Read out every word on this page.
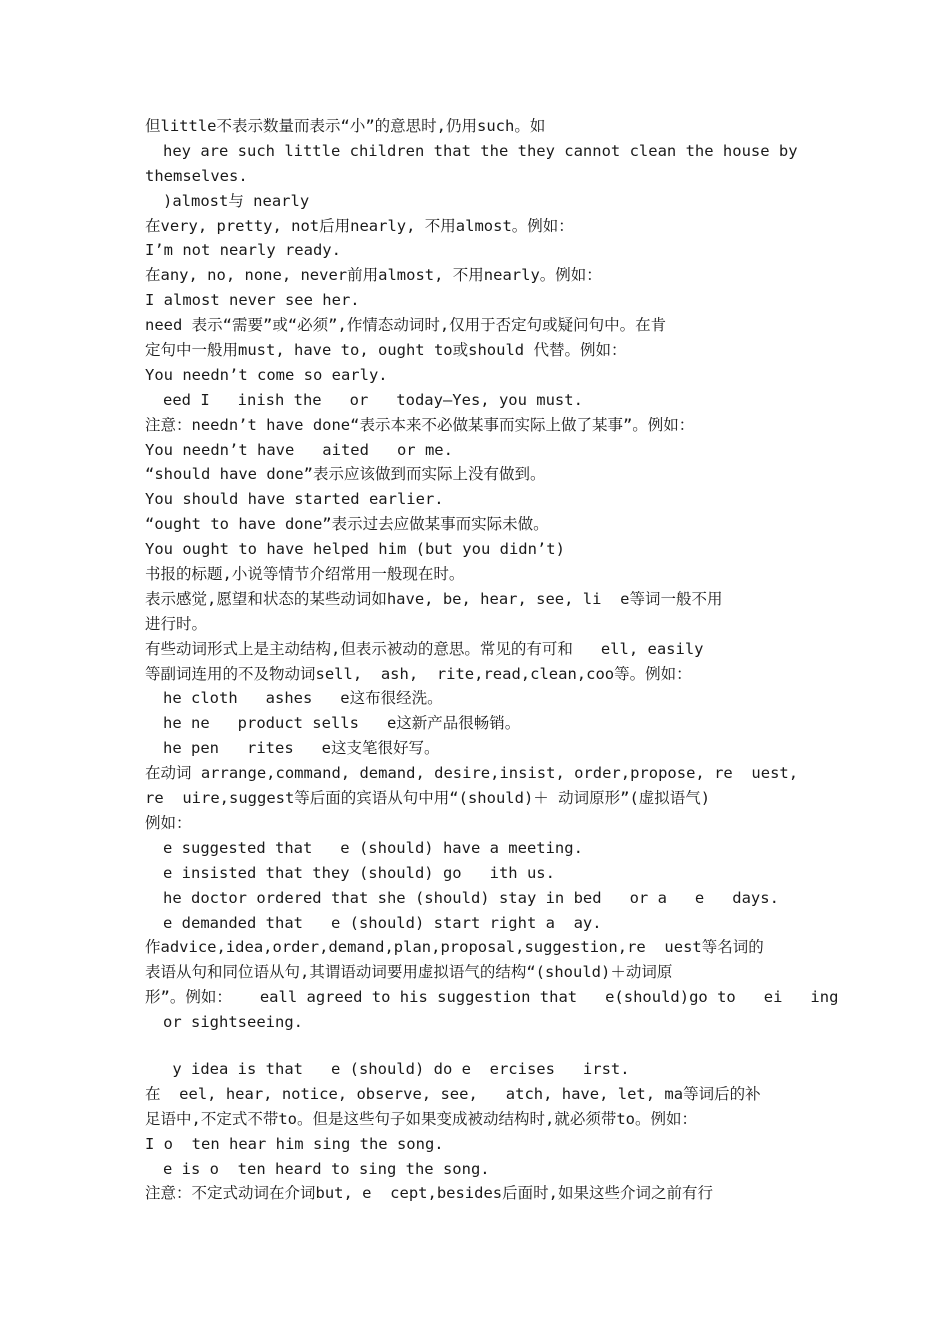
但little不表示数量而表示“小”的意思时,仍用such。如
hey are such little children that the they cannot clean the house by
themselves.
)almost与 nearly
在very, pretty, not后用nearly, 不用almost。例如：
I’m not nearly ready.
在any, no, none, never前用almost, 不用nearly。例如：
I almost never see her.
need 表示“需要”或“必须”,作情态动词时,仅用于否定句或疑问句中。在肯
定句中一般用must, have to, ought to或should 代替。例如：
You needn’t come so early.
eed I   inish the   or   today—Yes, you must.
注意：needn’t have done“表示本来不必做某事而实际上做了某事”。例如：
You needn’t have   aited   or me.
“should have done”表示应该做到而实际上没有做到。
You should have started earlier.
“ought to have done”表示过去应做某事而实际未做。
You ought to have helped him (but you didn’t)
书报的标题,小说等情节介绍常用一般现在时。
表示感觉,愿望和状态的某些动词如have, be, hear, see, li  e等词一般不用
进行时。
有些动词形式上是主动结构,但表示被动的意思。常见的有可和   ell, easily
等副词连用的不及物动词sell,  ash,  rite,read,clean,coo等。例如：
he cloth   ashes   e这布很经洗。
he ne   product sells   e这新产品很畅销。
he pen   rites   e这支笔很好写。
在动词 arrange,command, demand, desire,insist, order,propose, re  uest,
re  uire,suggest等后面的宾语从句中用“(should)＋ 动词原形”(虚拟语气)
例如：
e suggested that   e (should) have a meeting.
e insisted that they (should) go   ith us.
he doctor ordered that she (should) stay in bed   or a   e   days.
e demanded that   e (should) start right a  ay.
作advice,idea,order,demand,plan,proposal,suggestion,re  uest等名词的
表语从句和同位语从句,其谓语动词要用虚拟语气的结构“(should)＋动词原
形”。例如：   eall agreed to his suggestion that   e(should)go to   ei   ing
or sightseeing.
y idea is that   e (should) do e  ercises   irst.
在  eel, hear, notice, observe, see,   atch, have, let, ma等词后的补
足语中,不定式不带to。但是这些句子如果变成被动结构时,就必须带to。例如：
I o  ten hear him sing the song.
e is o  ten heard to sing the song.
注意：不定式动词在介词but, e  cept,besides后面时,如果这些介词之前有行
